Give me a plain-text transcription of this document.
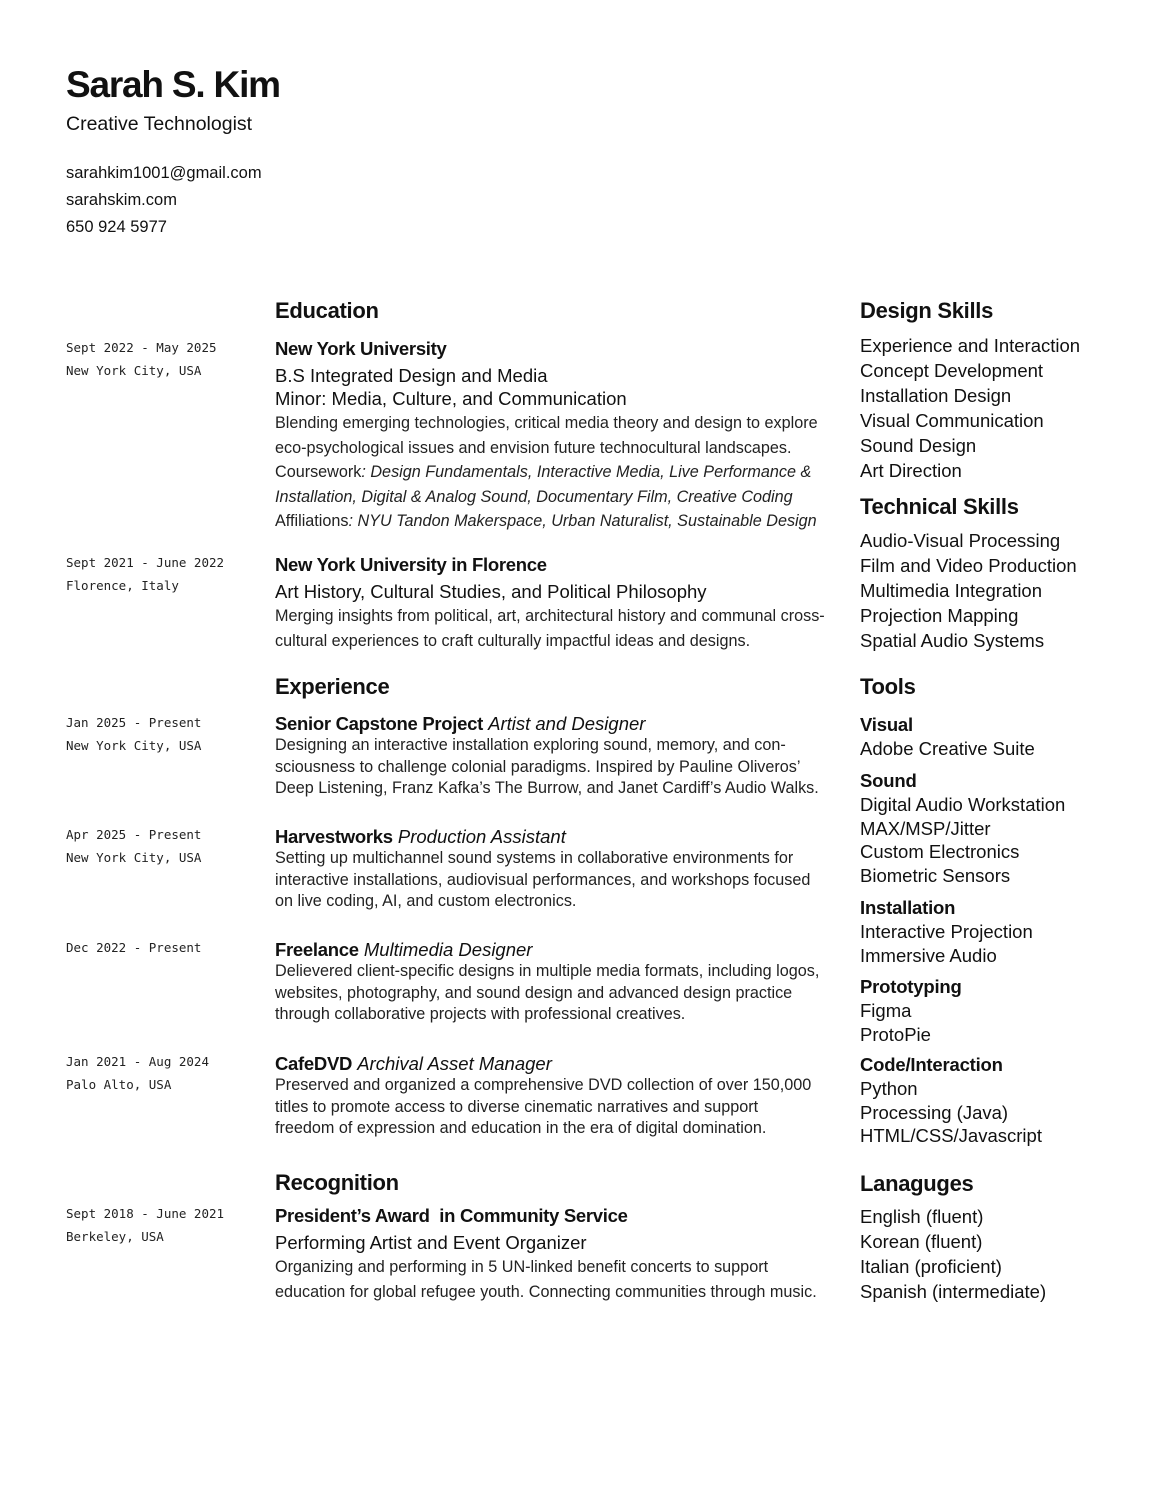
Sarah S. Kim
Creative Technologist
sarahkim1001@gmail.com
sarahskim.com
650 924 5977
Education
Sept 2022 - May 2025
New York City, USA
New York University
B.S Integrated Design and Media
Minor: Media, Culture, and Communication
Blending emerging technologies, critical media theory and design to explore
eco-psychological issues and envision future technocultural landscapes.
Coursework: Design Fundamentals, Interactive Media, Live Performance &
Installation, Digital & Analog Sound, Documentary Film, Creative Coding
Affiliations: NYU Tandon Makerspace, Urban Naturalist, Sustainable Design
Sept 2021 - June 2022
Florence, Italy
New York University in Florence
Art History, Cultural Studies, and Political Philosophy
Merging insights from political, art, architectural history and communal cross-
cultural experiences to craft culturally impactful ideas and designs.
Experience
Jan 2025 - Present
New York City, USA
Senior Capstone Project Artist and Designer
Designing an interactive installation exploring sound, memory, and con-
sciousness to challenge colonial paradigms. Inspired by Pauline Oliveros’
Deep Listening, Franz Kafka’s The Burrow, and Janet Cardiff’s Audio Walks.
Apr 2025 - Present
New York City, USA
Harvestworks Production Assistant
Setting up multichannel sound systems in collaborative environments for
interactive installations, audiovisual performances, and workshops focused
on live coding, AI, and custom electronics.
Dec 2022 - Present	Freelance Multimedia Designer
Delievered client-specific designs in multiple media formats, including logos,
websites, photography, and sound design and advanced design practice
through collaborative projects with professional creatives.
Jan 2021 - Aug 2024
Palo Alto, USA
CafeDVD Archival Asset Manager
Preserved and organized a comprehensive DVD collection of over 150,000
titles to promote access to diverse cinematic narratives and support
freedom of expression and education in the era of digital domination.
Recognition
Sept 2018 - June 2021
Berkeley, USA
President’s Award  in Community Service
Performing Artist and Event Organizer
Organizing and performing in 5 UN-linked benefit concerts to support
education for global refugee youth. Connecting communities through music.
Design Skills
Experience and Interaction
Concept Development
Installation Design
Visual Communication
Sound Design
Art Direction
Technical Skills
Audio-Visual Processing
Film and Video Production
Multimedia Integration
Projection Mapping
Spatial Audio Systems
Tools
Visual
Adobe Creative Suite
Sound
Digital Audio Workstation
MAX/MSP/Jitter
Custom Electronics
Biometric Sensors
Installation
Interactive Projection
Immersive Audio
Prototyping
Figma
ProtoPie
Code/Interaction
Python
Processing (Java)
HTML/CSS/Javascript
Lanaguges
English (fluent)
Korean (fluent)
Italian (proficient)
Spanish (intermediate)
